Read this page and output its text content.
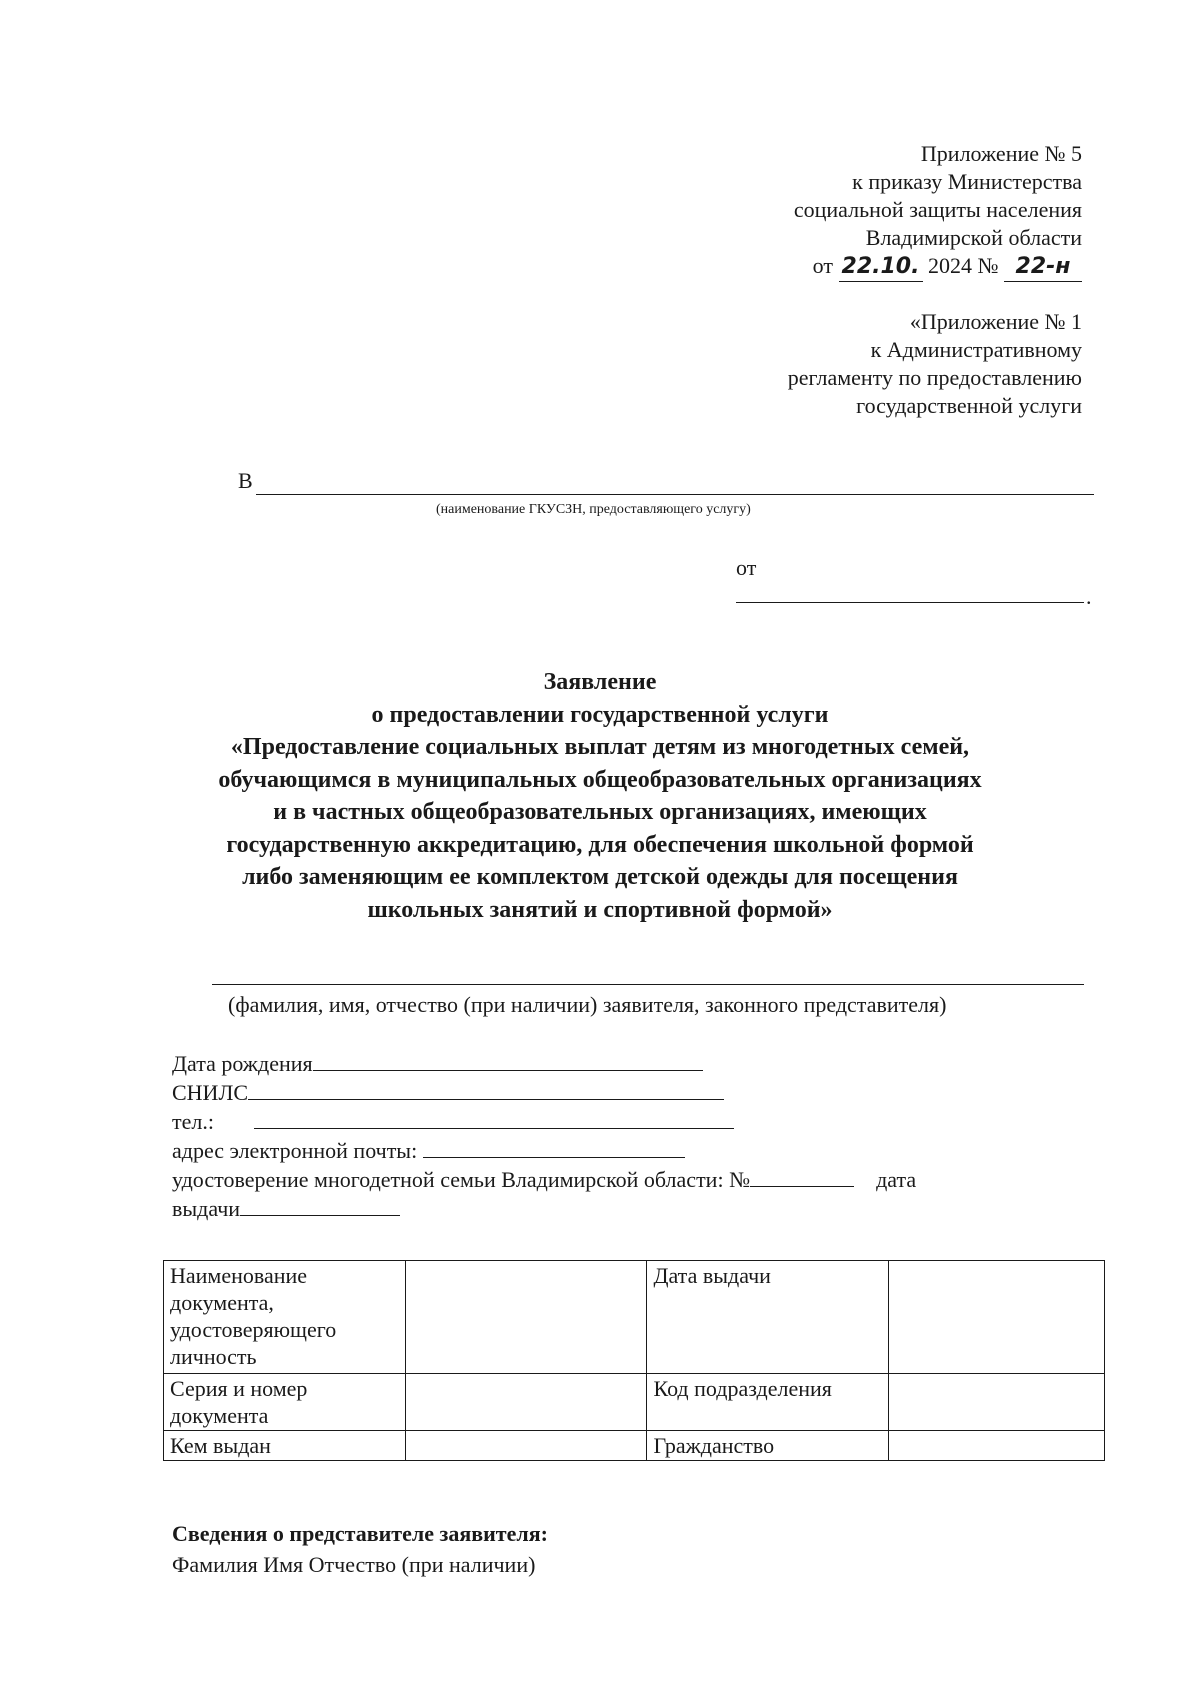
Приложение № 5
к приказу Министерства
социальной защиты населения
Владимирской области
от 22.10. 2024 № 22-н
«Приложение № 1
к Административному
регламенту по предоставлению
государственной услуги
В
(наименование ГКУСЗН, предоставляющего услугу)
от
.
Заявление
о предоставлении государственной услуги
«Предоставление социальных выплат детям из многодетных семей,
обучающимся в муниципальных общеобразовательных организациях
и в частных общеобразовательных организациях, имеющих
государственную аккредитацию, для обеспечения школьной формой
либо заменяющим ее комплектом детской одежды для посещения
школьных занятий и спортивной формой»
(фамилия, имя, отчество (при наличии) заявителя, законного представителя)
Дата рождения
СНИЛС
тел.:
адрес электронной почты:
удостоверение многодетной семьи Владимирской области: №	дата
выдачи
Наименование документа, удостоверяющего личность		Дата выдачи	
Серия и номер документа		Код подразделения	
Кем выдан		Гражданство	
Сведения о представителе заявителя:
Фамилия Имя Отчество (при наличии)
